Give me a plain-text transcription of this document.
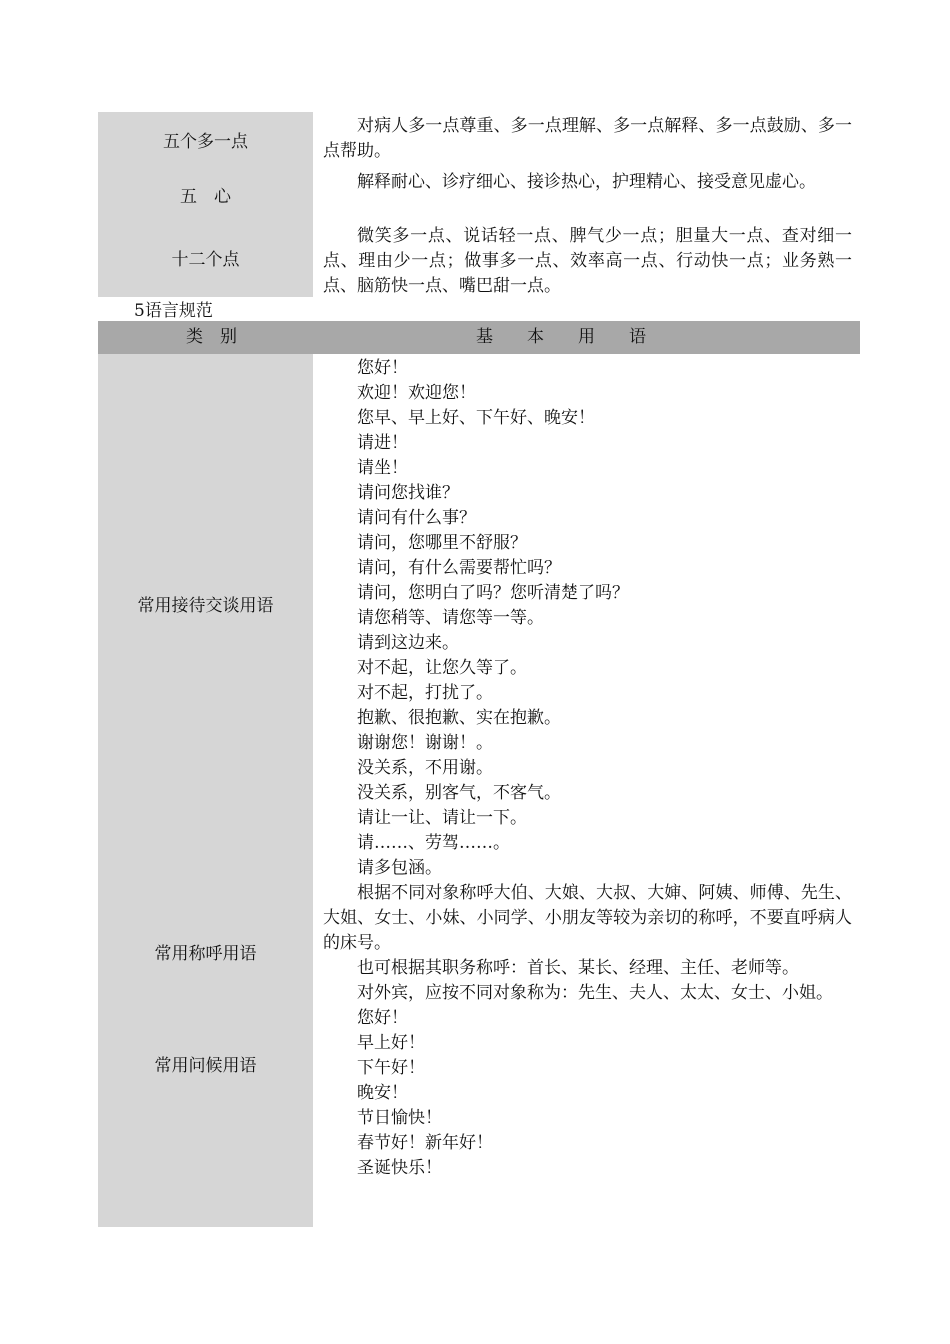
五个多一点
五　心
十二个点

对病人多一点尊重、多一点理解、多一点解释、多一点鼓励、多一点帮助。

解释耐心、诊疗细心、接诊热心，护理精心、接受意见虚心。

微笑多一点、说话轻一点、脾气少一点；胆量大一点、查对细一点、理由少一点；做事多一点、效率高一点、行动快一点；业务熟一点、脑筋快一点、嘴巴甜一点。

5语言规范
类　别	基　　本　　用　　语
常用接待交谈用语
常用称呼用语
常用问候用语

您好！

欢迎！欢迎您！

您早、早上好、下午好、晚安！

请进！

请坐！

请问您找谁？

请问有什么事？

请问，您哪里不舒服？

请问，有什么需要帮忙吗？

请问，您明白了吗？您听清楚了吗？

请您稍等、请您等一等。

请到这边来。

对不起，让您久等了。

对不起，打扰了。

抱歉、很抱歉、实在抱歉。

谢谢您！谢谢！。

没关系，不用谢。

没关系，别客气，不客气。

请让一让、请让一下。

请……、劳驾……。

请多包涵。

根据不同对象称呼大伯、大娘、大叔、大婶、阿姨、师傅、先生、大姐、女士、小妹、小同学、小朋友等较为亲切的称呼，不要直呼病人的床号。

也可根据其职务称呼：首长、某长、经理、主任、老师等。

对外宾，应按不同对象称为：先生、夫人、太太、女士、小姐。

您好！

早上好！

下午好！

晚安！

节日愉快！

春节好！新年好！

圣诞快乐！
